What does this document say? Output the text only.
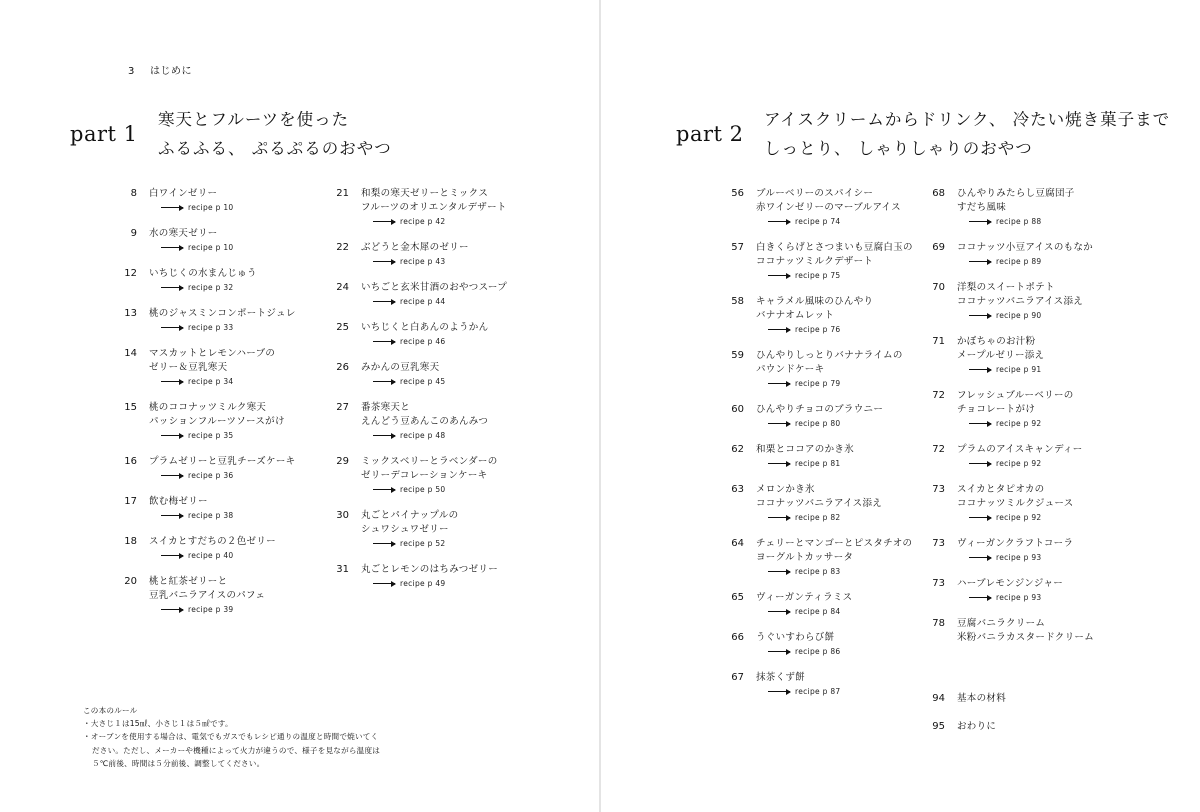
3 はじめに
part 1
寒天とフルーツを使った
ふるふる、 ぷるぷるのおやつ
8 白ワインゼリー
recipe p 10
9 水の寒天ゼリー
recipe p 10
12 いちじくの水まんじゅう
recipe p 32
13 桃のジャスミンコンポートジュレ
recipe p 33
14 マスカットとレモンハーブの
ゼリー＆豆乳寒天
recipe p 34
15 桃のココナッツミルク寒天
パッションフルーツソースがけ
recipe p 35
16 プラムゼリーと豆乳チーズケーキ
recipe p 36
17 飲む梅ゼリー
recipe p 38
18 スイカとすだちの２色ゼリー
recipe p 40
20 桃と紅茶ゼリーと
豆乳バニラアイスのパフェ
recipe p 39
21 和梨の寒天ゼリーとミックス
フルーツのオリエンタルデザート
recipe p 42
22 ぶどうと金木犀のゼリー
recipe p 43
24 いちごと玄米甘酒のおやつスープ
recipe p 44
25 いちじくと白あんのようかん
recipe p 46
26 みかんの豆乳寒天
recipe p 45
27 番茶寒天と
えんどう豆あんこのあんみつ
recipe p 48
29 ミックスベリーとラベンダーの
ゼリーデコレーションケーキ
recipe p 50
30 丸ごとパイナップルの
シュワシュワゼリー
recipe p 52
31 丸ごとレモンのはちみつゼリー
recipe p 49
part 2
アイスクリームからドリンク、 冷たい焼き菓子まで
しっとり、 しゃりしゃりのおやつ
56 ブルーベリーのスパイシー
赤ワインゼリーのマーブルアイス
recipe p 74
57 白きくらげとさつまいも豆腐白玉の
ココナッツミルクデザート
recipe p 75
58 キャラメル風味のひんやり
バナナオムレット
recipe p 76
59 ひんやりしっとりバナナライムの
パウンドケーキ
recipe p 79
60 ひんやりチョコのブラウニー
recipe p 80
62 和栗とココアのかき氷
recipe p 81
63 メロンかき氷
ココナッツバニラアイス添え
recipe p 82
64 チェリーとマンゴーとピスタチオの
ヨーグルトカッサータ
recipe p 83
65 ヴィーガンティラミス
recipe p 84
66 うぐいすわらび餅
recipe p 86
67 抹茶くず餅
recipe p 87
68 ひんやりみたらし豆腐団子
すだち風味
recipe p 88
69 ココナッツ小豆アイスのもなか
recipe p 89
70 洋梨のスイートポテト
ココナッツバニラアイス添え
recipe p 90
71 かぼちゃのお汁粉
メープルゼリー添え
recipe p 91
72 フレッシュブルーベリーの
チョコレートがけ
recipe p 92
72 プラムのアイスキャンディー
recipe p 92
73 スイカとタピオカの
ココナッツミルクジュース
recipe p 92
73 ヴィーガンクラフトコーラ
recipe p 93
73 ハーブレモンジンジャー
recipe p 93
78 豆腐バニラクリーム
米粉バニラカスタードクリーム
94 基本の材料
95 おわりに
この本のルール
・大さじ１は15㎖、小さじ１は５㎖です。
・オーブンを使用する場合は、電気でもガスでもレシピ通りの温度と時間で焼いてください。ただし、メーカーや機種によって火力が違うので、様子を見ながら温度は５℃前後、時間は５分前後、調整してください。
